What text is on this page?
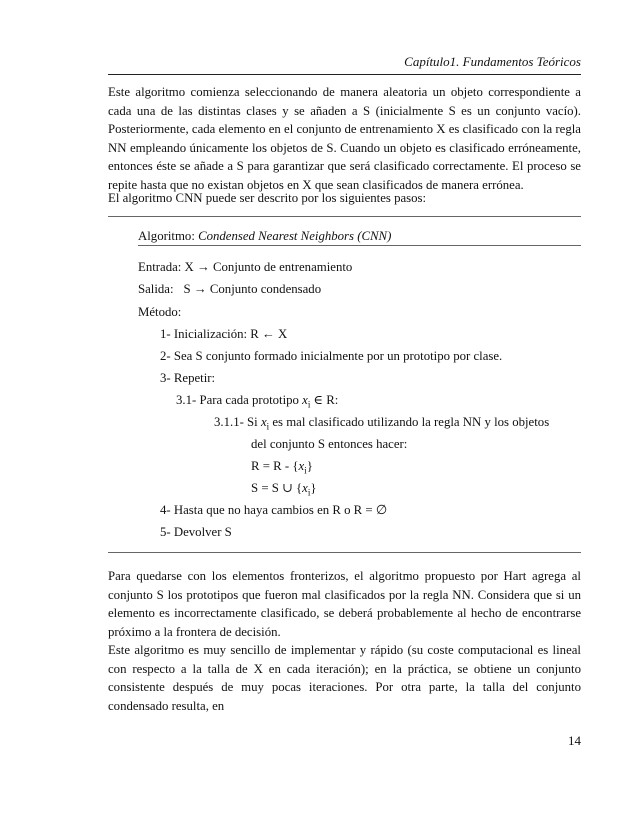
Capítulo1. Fundamentos Teóricos

Este algoritmo comienza seleccionando de manera aleatoria un objeto correspondiente a cada una de las distintas clases y se añaden a S (inicialmente S es un conjunto vacío). Posteriormente, cada elemento en el conjunto de entrenamiento X es clasificado con la regla NN empleando únicamente los objetos de S. Cuando un objeto es clasificado erróneamente, entonces éste se añade a S para garantizar que será clasificado correctamente. El proceso se repite hasta que no existan objetos en X que sean clasificados de manera errónea.

El algoritmo CNN puede ser descrito por los siguientes pasos:

Algoritmo: Condensed Nearest Neighbors (CNN)
Entrada: X → Conjunto de entrenamiento
Salida: S → Conjunto condensado
Método:
1- Inicialización: R ← X
2- Sea S conjunto formado inicialmente por un prototipo por clase.
3- Repetir:
3.1- Para cada prototipo $x_i$ ∈ R:
3.1.1- Si $x_i$ es mal clasificado utilizando la regla NN y los objetos
del conjunto S entonces hacer:
$R = R - \{x_i\}$
S = S ∪ $\{x_i\}$
4- Hasta que no haya cambios en R o R = ∅
5- Devolver S

Para quedarse con los elementos fronterizos, el algoritmo propuesto por Hart agrega al conjunto S los prototipos que fueron mal clasificados por la regla NN. Considera que si un elemento es incorrectamente clasificado, se deberá probablemente al hecho de encontrarse próximo a la frontera de decisión.

Este algoritmo es muy sencillo de implementar y rápido (su coste computacional es lineal con respecto a la talla de X en cada iteración); en la práctica, se obtiene un conjunto consistente después de muy pocas iteraciones. Por otra parte, la talla del conjunto condensado resulta, en

14
